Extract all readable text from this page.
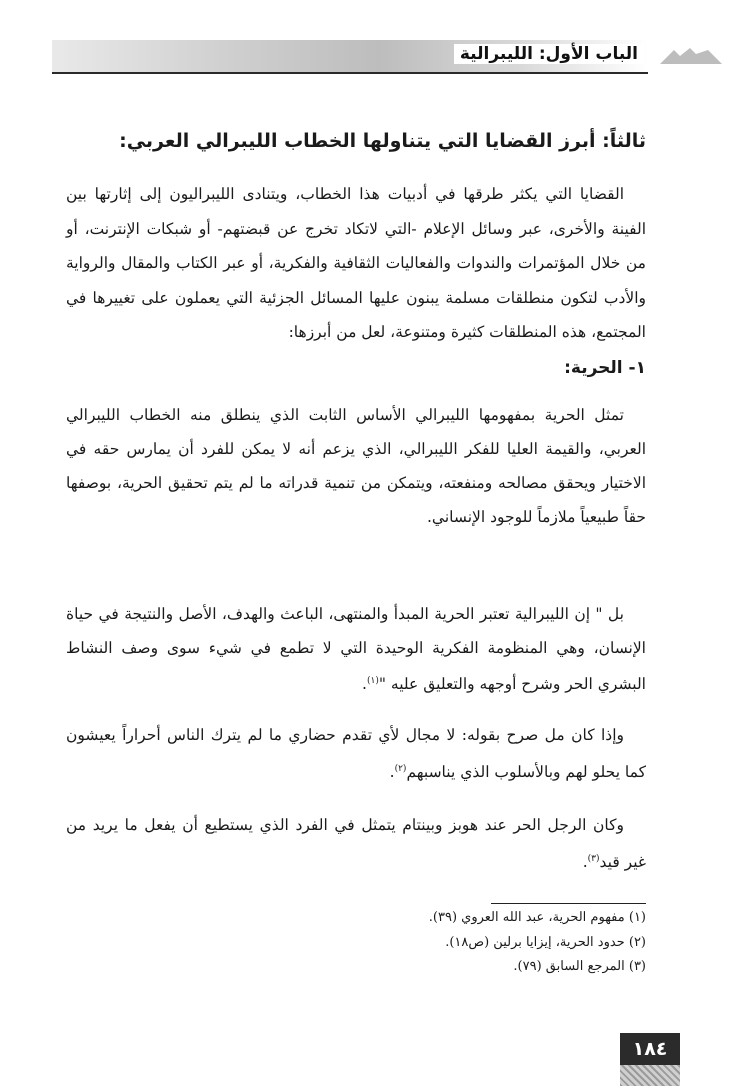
الباب الأول: الليبرالية
ثالثاً: أبرز القضايا التي يتناولها الخطاب الليبرالي العربي:

القضايا التي يكثر طرقها في أدبيات هذا الخطاب، ويتنادى الليبراليون إلى إثارتها بين الفينة والأخرى، عبر وسائل الإعلام -التي لاتكاد تخرج عن قبضتهم- أو شبكات الإنترنت، أو من خلال المؤتمرات والندوات والفعاليات الثقافية والفكرية، أو عبر الكتاب والمقال والرواية والأدب لتكون منطلقات مسلمة يبنون عليها المسائل الجزئية التي يعملون على تغييرها في المجتمع، هذه المنطلقات كثيرة ومتنوعة، لعل من أبرزها:

١- الحرية:

تمثل الحرية بمفهومها الليبرالي الأساس الثابت الذي ينطلق منه الخطاب الليبرالي العربي، والقيمة العليا للفكر الليبرالي، الذي يزعم أنه لا يمكن للفرد أن يمارس حقه في الاختيار ويحقق مصالحه ومنفعته، ويتمكن من تنمية قدراته ما لم يتم تحقيق الحرية، بوصفها حقاً طبيعياً ملازماً للوجود الإنساني.

بل " إن الليبرالية تعتبر الحرية المبدأ والمنتهى، الباعث والهدف، الأصل والنتيجة في حياة الإنسان، وهي المنظومة الفكرية الوحيدة التي لا تطمع في شيء سوى وصف النشاط البشري الحر وشرح أوجهه والتعليق عليه "$^{(١)}$.

وإذا كان مل صرح بقوله: لا مجال لأي تقدم حضاري ما لم يترك الناس أحراراً يعيشون كما يحلو لهم وبالأسلوب الذي يناسبهم$^{(٢)}$.

وكان الرجل الحر عند هوبز وبينتام يتمثل في الفرد الذي يستطيع أن يفعل ما يريد من غير قيد$^{(٣)}$.

(١) مفهوم الحرية، عبد الله العروي (٣٩).
(٢) حدود الحرية، إيزايا برلين (ص١٨).
(٣) المرجع السابق (٧٩).
١٨٤
